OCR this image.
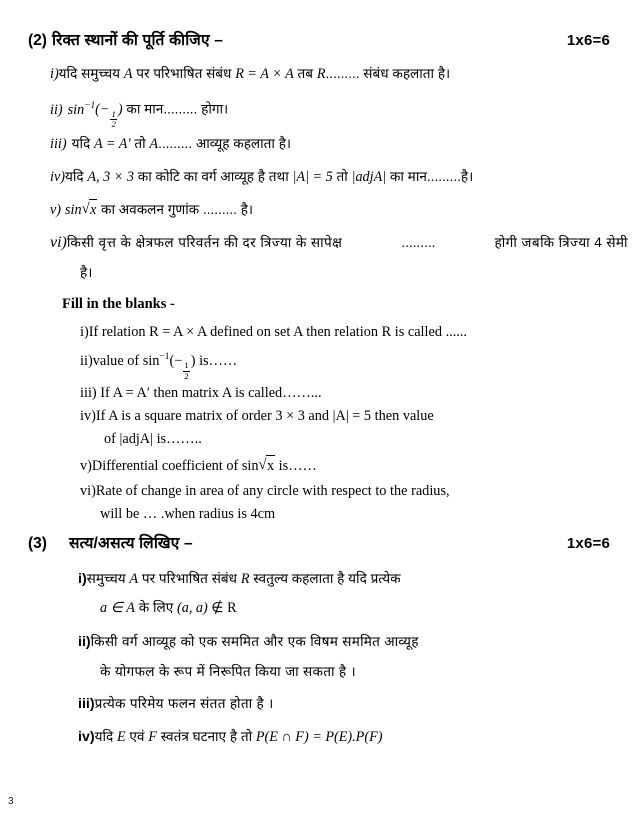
(2) रिक्त स्थानों की पूर्ति कीजिए –	1x6=6
i) यदि समुच्चय A पर परिभाषित संबंध R = A × A तब R......... संबंध कहलाता है।
ii) $\sin^{-1}(-$
$\frac{1}{2}$
) का मान......... होगा।
iii) यदि A = A′ तो A......... आव्यूह कहलाता है।
iv) यदि A, 3 × 3 का कोटि का वर्ग आव्यूह है तथा |A| = 5 तो |adjA| का मान.........है।
v) sin √ x का अवकलन गुणांक ......... है।
vi) किसी वृत्त के क्षेत्रफल परिवर्तन की दर त्रिज्या के सापेक्ष	.........	होगी जबकि त्रिज्या 4 सेमी
है।
Fill in the blanks -
i) If relation R = A × A defined on set A then relation R is called ......
ii) value of $\sin^{-1}(-$
$\frac{1}{2}$
) is……
iii) If A = A′ then matrix A is called……...
iv) If A is a square matrix of order 3 × 3 and |A| = 5 then value
of |adjA| is……..
v) Differential coefficient of sin √ x is……
vi) Rate of change in area of any circle with respect to the radius,
will be … .when radius is 4cm
(3) सत्य/असत्य लिखिए –	1x6=6
i) समुच्चय A पर परिभाषित संबंध R स्वतुल्य कहलाता है यदि प्रत्येक
a ∈ A के लिए (a, a) ∉ R
ii) किसी वर्ग आव्यूह को एक सममित और एक विषम सममित आव्यूह
के योगफल के रूप में निरूपित किया जा सकता है ।
iii) प्रत्येक परिमेय फलन संतत होता है ।
iv) यदि E एवं F स्वतंत्र घटनाए है तो P(E ∩ F) = P(E).P(F)
3
